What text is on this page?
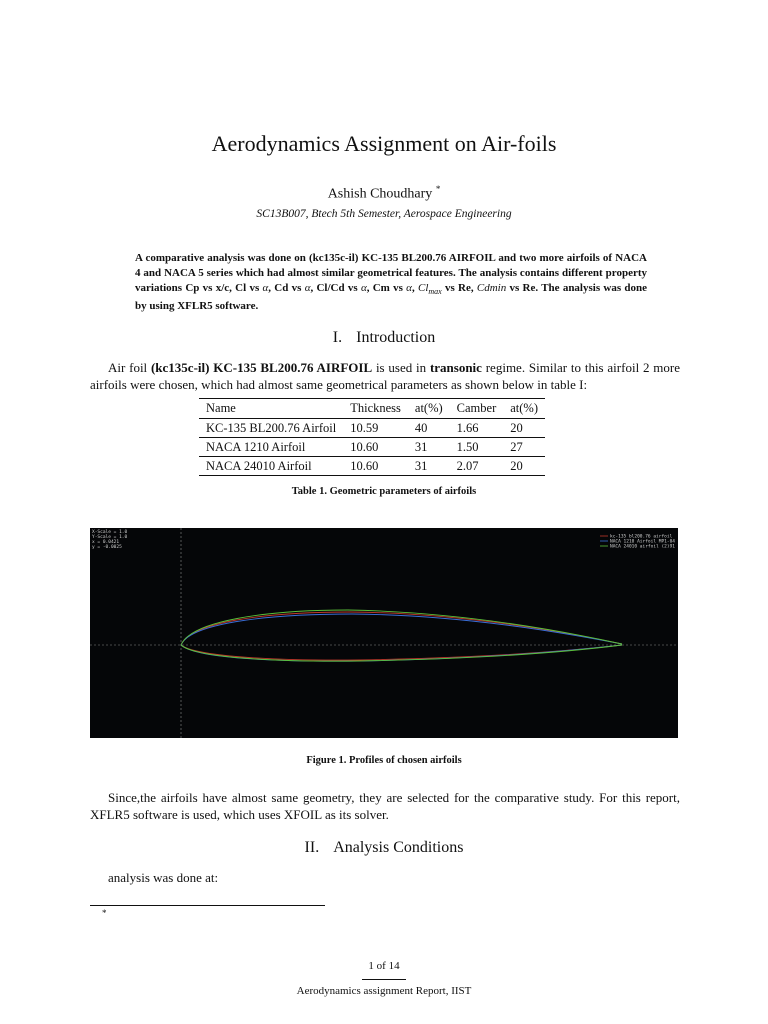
Aerodynamics Assignment on Air-foils
Ashish Choudhary *
SC13B007, Btech 5th Semester, Aerospace Engineering
A comparative analysis was done on (kc135c-il) KC-135 BL200.76 AIRFOIL and two more airfoils of NACA 4 and NACA 5 series which had almost similar geometrical features. The analysis contains different property variations Cp vs x/c, Cl vs α, Cd vs α, Cl/Cd vs α, Cm vs α, $Cl_{max}$ vs Re, Cdmin vs Re. The analysis was done by using XFLR5 software.
I. Introduction
Air foil (kc135c-il) KC-135 BL200.76 AIRFOIL is used in transonic regime. Similar to this airfoil 2 more airfoils were chosen, which had almost same geometrical parameters as shown below in table I:
Name	Thickness	at(%)	Camber	at(%)
KC-135 BL200.76 Airfoil	10.59	40	1.66	20
NACA 1210 Airfoil	10.60	31	1.50	27
NACA 24010 Airfoil	10.60	31	2.07	20
Table 1. Geometric parameters of airfoils
X-Scale = 1.0
Y-Scale = 1.0
x = 0.0421
y = -0.0025
kc-135 bl200.76 airfoil
NACA 1210 Airfoil MP1-04
NACA 24010 airfoil (2)91
Figure 1. Profiles of chosen airfoils
Since,the airfoils have almost same geometry, they are selected for the comparative study. For this report, XFLR5 software is used, which uses XFOIL as its solver.
II. Analysis Conditions
analysis was done at:
*
1 of 14
Aerodynamics assignment Report, IIST
